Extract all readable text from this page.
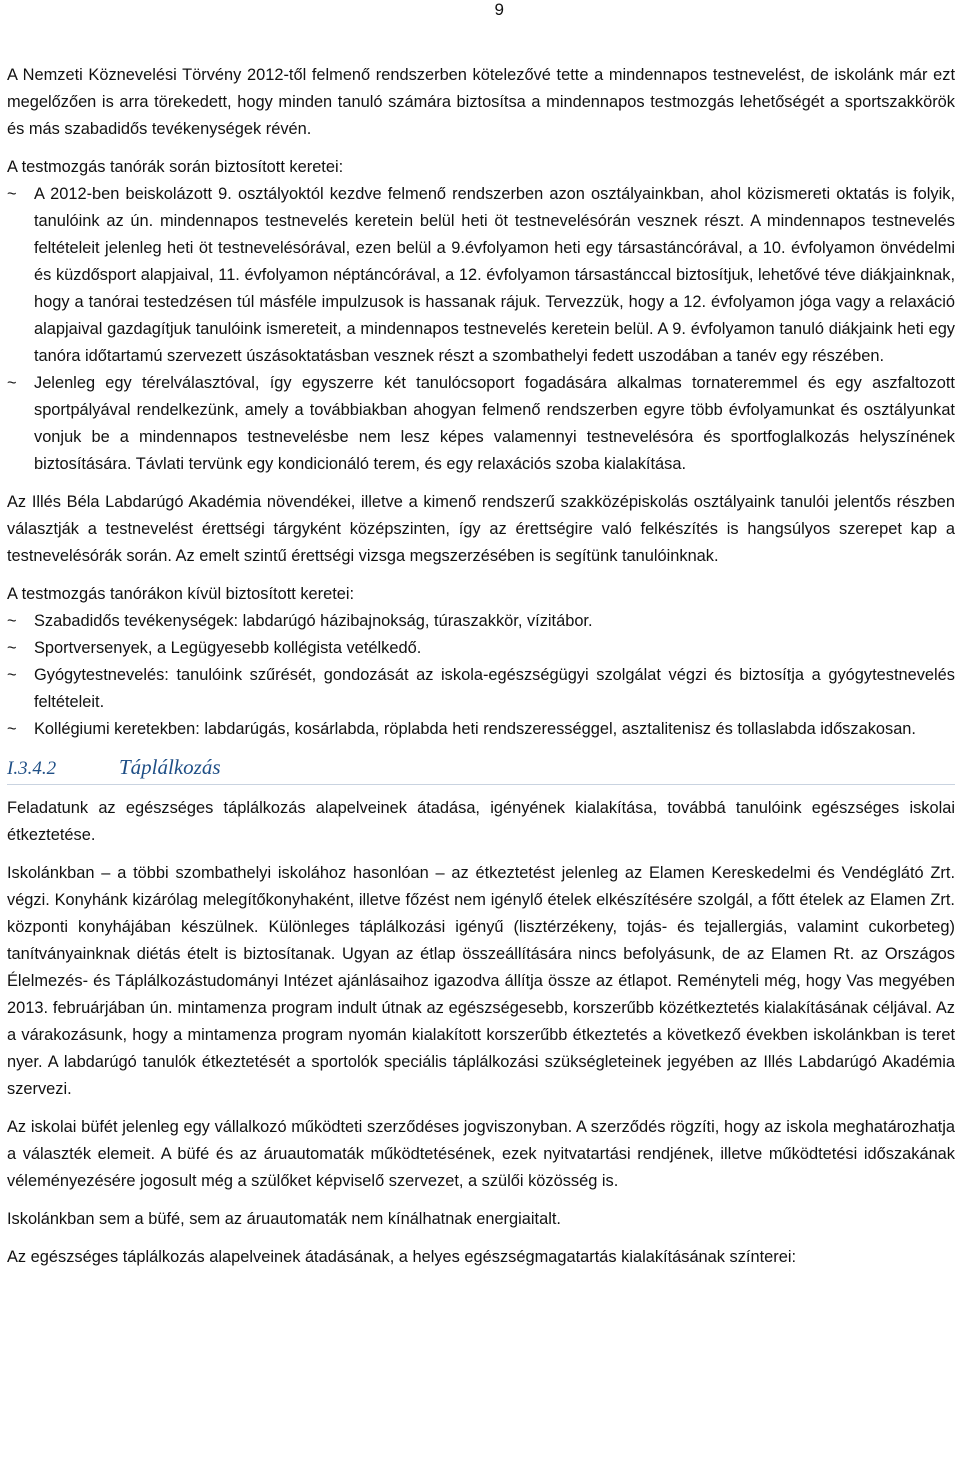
9

A Nemzeti Köznevelési Törvény 2012-től felmenő rendszerben kötelezővé tette a mindennapos testnevelést, de iskolánk már ezt megelőzően is arra törekedett, hogy minden tanuló számára biztosítsa a mindennapos testmozgás lehetőségét a sportszakkörök és más szabadidős tevékenységek révén.

A testmozgás tanórák során biztosított keretei:

~ A 2012-ben beiskolázott 9. osztályoktól kezdve felmenő rendszerben azon osztályainkban, ahol közismereti oktatás is folyik, tanulóink az ún. mindennapos testnevelés keretein belül heti öt testnevelésórán vesznek részt. A mindennapos testnevelés feltételeit jelenleg heti öt testnevelésórával, ezen belül a 9.évfolyamon heti egy társastáncórával, a 10. évfolyamon önvédelmi és küzdősport alapjaival, 11. évfolyamon néptáncórával, a 12. évfolyamon társastánccal biztosítjuk, lehetővé téve diákjainknak, hogy a tanórai testedzésen túl másféle impulzusok is hassanak rájuk. Tervezzük, hogy a 12. évfolyamon jóga vagy a relaxáció alapjaival gazdagítjuk tanulóink ismereteit, a mindennapos testnevelés keretein belül. A 9. évfolyamon tanuló diákjaink heti egy tanóra időtartamú szervezett úszásoktatásban vesznek részt a szombathelyi fedett uszodában a tanév egy részében.
~ Jelenleg egy térelválasztóval, így egyszerre két tanulócsoport fogadására alkalmas tornateremmel és egy aszfaltozott sportpályával rendelkezünk, amely a továbbiakban ahogyan felmenő rendszerben egyre több évfolyamunkat és osztályunkat vonjuk be a mindennapos testnevelésbe nem lesz képes valamennyi testnevelésóra és sportfoglalkozás helyszínének biztosítására. Távlati tervünk egy kondicionáló terem, és egy relaxációs szoba kialakítása.

Az Illés Béla Labdarúgó Akadémia növendékei, illetve a kimenő rendszerű szakközépiskolás osztályaink tanulói jelentős részben választják a testnevelést érettségi tárgyként középszinten, így az érettségire való felkészítés is hangsúlyos szerepet kap a testnevelésórák során. Az emelt szintű érettségi vizsga megszerzésében is segítünk tanulóinknak.

A testmozgás tanórákon kívül biztosított keretei:

~ Szabadidős tevékenységek: labdarúgó házibajnokság, túraszakkör, vízitábor.
~ Sportversenyek, a Legügyesebb kollégista vetélkedő.
~ Gyógytestnevelés: tanulóink szűrését, gondozását az iskola-egészségügyi szolgálat végzi és biztosítja a gyógytestnevelés feltételeit.
~ Kollégiumi keretekben: labdarúgás, kosárlabda, röplabda heti rendszerességgel, asztalitenisz és tollaslabda időszakosan.
I.3.4.2	Táplálkozás

Feladatunk az egészséges táplálkozás alapelveinek átadása, igényének kialakítása, továbbá tanulóink egészséges iskolai étkeztetése.

Iskolánkban – a többi szombathelyi iskolához hasonlóan – az étkeztetést jelenleg az Elamen Kereskedelmi és Vendéglátó Zrt. végzi. Konyhánk kizárólag melegítőkonyhaként, illetve főzést nem igénylő ételek elkészítésére szolgál, a főtt ételek az Elamen Zrt. központi konyhájában készülnek. Különleges táplálkozási igényű (lisztérzékeny, tojás- és tejallergiás, valamint cukorbeteg) tanítványainknak diétás ételt is biztosítanak. Ugyan az étlap összeállítására nincs befolyásunk, de az Elamen Rt. az Országos Élelmezés- és Táplálkozástudományi Intézet ajánlásaihoz igazodva állítja össze az étlapot. Reményteli még, hogy Vas megyében 2013. februárjában ún. mintamenza program indult útnak az egészségesebb, korszerűbb közétkeztetés kialakításának céljával. Az a várakozásunk, hogy a mintamenza program nyomán kialakított korszerűbb étkeztetés a következő években iskolánkban is teret nyer. A labdarúgó tanulók étkeztetését a sportolók speciális táplálkozási szükségleteinek jegyében az Illés Labdarúgó Akadémia szervezi.

Az iskolai büfét jelenleg egy vállalkozó működteti szerződéses jogviszonyban. A szerződés rögzíti, hogy az iskola meghatározhatja a választék elemeit. A büfé és az áruautomaták működtetésének, ezek nyitvatartási rendjének, illetve működtetési időszakának véleményezésére jogosult még a szülőket képviselő szervezet, a szülői közösség is.

Iskolánkban sem a büfé, sem az áruautomaták nem kínálhatnak energiaitalt.

Az egészséges táplálkozás alapelveinek átadásának, a helyes egészségmagatartás kialakításának színterei:
